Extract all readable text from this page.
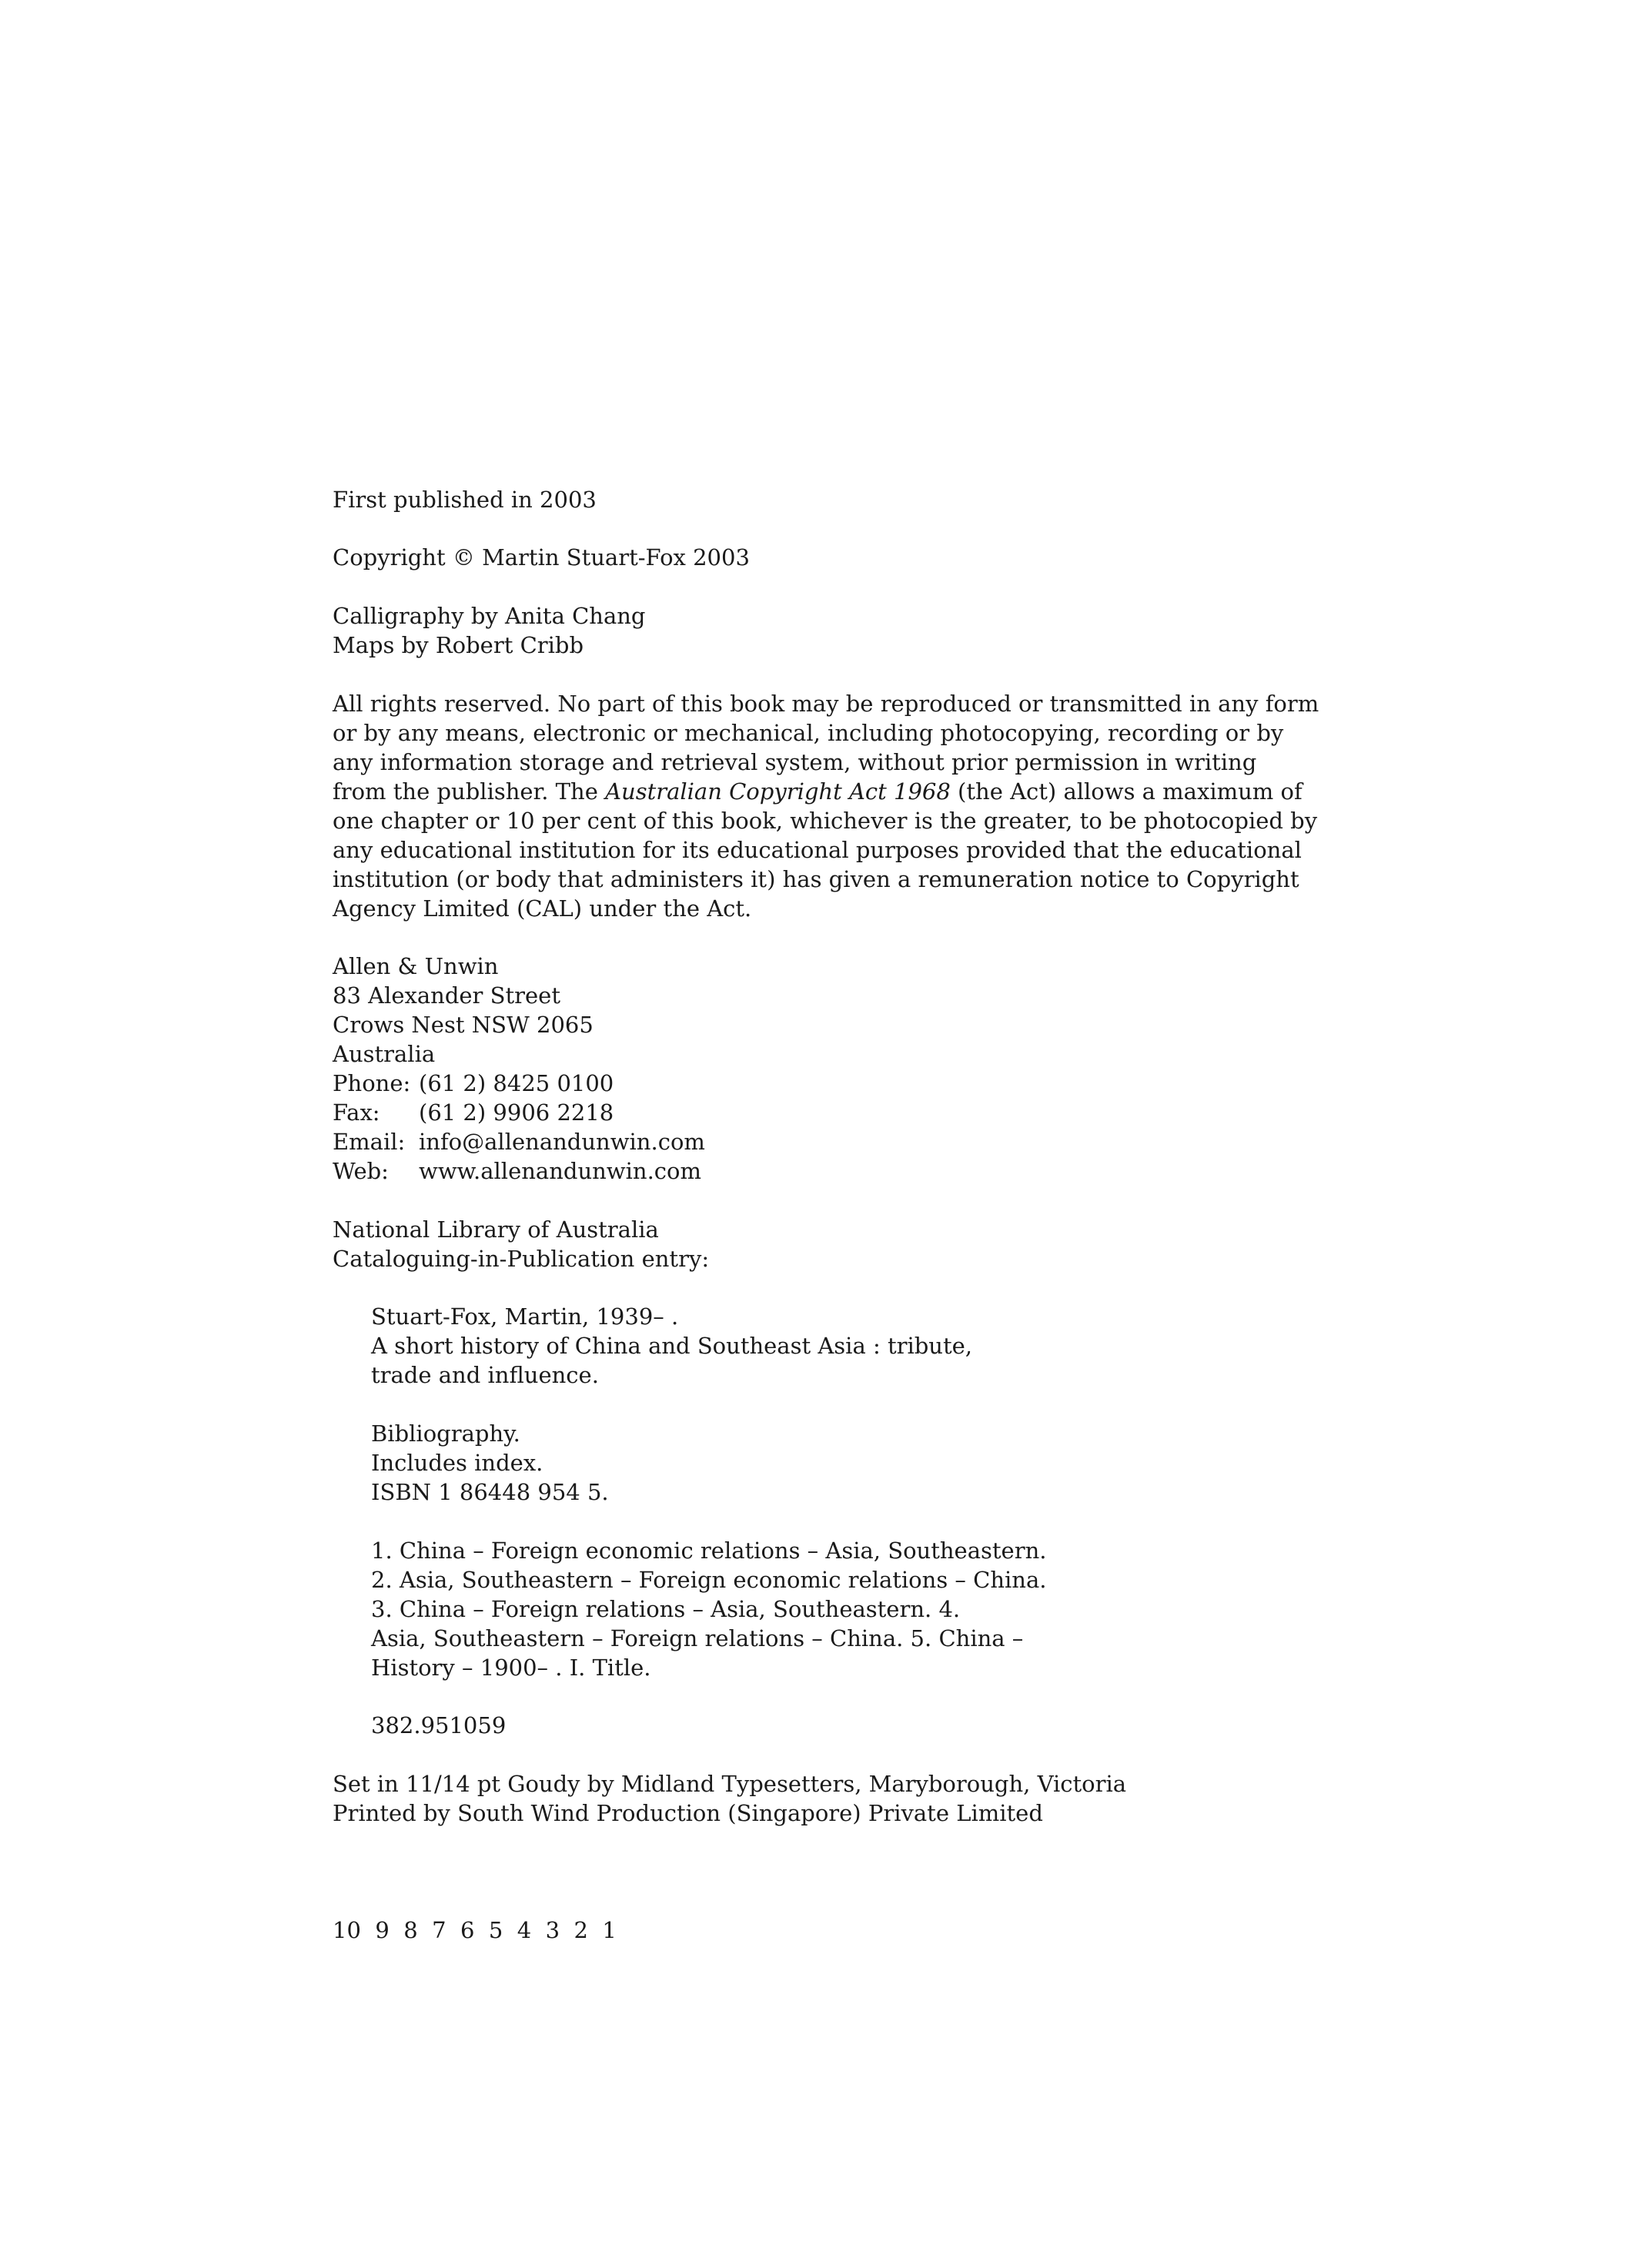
First published in 2003
Copyright © Martin Stuart-Fox 2003
Calligraphy by Anita Chang
Maps by Robert Cribb
All rights reserved. No part of this book may be reproduced or transmitted in any form
or by any means, electronic or mechanical, including photocopying, recording or by
any information storage and retrieval system, without prior permission in writing
from the publisher. The Australian Copyright Act 1968 (the Act) allows a maximum of
one chapter or 10 per cent of this book, whichever is the greater, to be photocopied by
any educational institution for its educational purposes provided that the educational
institution (or body that administers it) has given a remuneration notice to Copyright
Agency Limited (CAL) under the Act.
Allen & Unwin
83 Alexander Street
Crows Nest NSW 2065
Australia
Phone: (61 2) 8425 0100
Fax: (61 2) 9906 2218
Email: info@allenandunwin.com
Web: www.allenandunwin.com
National Library of Australia
Cataloguing-in-Publication entry:
Stuart-Fox, Martin, 1939– .
A short history of China and Southeast Asia : tribute,
trade and influence.
Bibliography.
Includes index.
ISBN 1 86448 954 5.
1. China – Foreign economic relations – Asia, Southeastern.
2. Asia, Southeastern – Foreign economic relations – China.
3. China – Foreign relations – Asia, Southeastern. 4.
Asia, Southeastern – Foreign relations – China. 5. China –
History – 1900– . I. Title.
382.951059
Set in 11/14 pt Goudy by Midland Typesetters, Maryborough, Victoria
Printed by South Wind Production (Singapore) Private Limited

10  9  8  7  6  5  4  3  2  1
